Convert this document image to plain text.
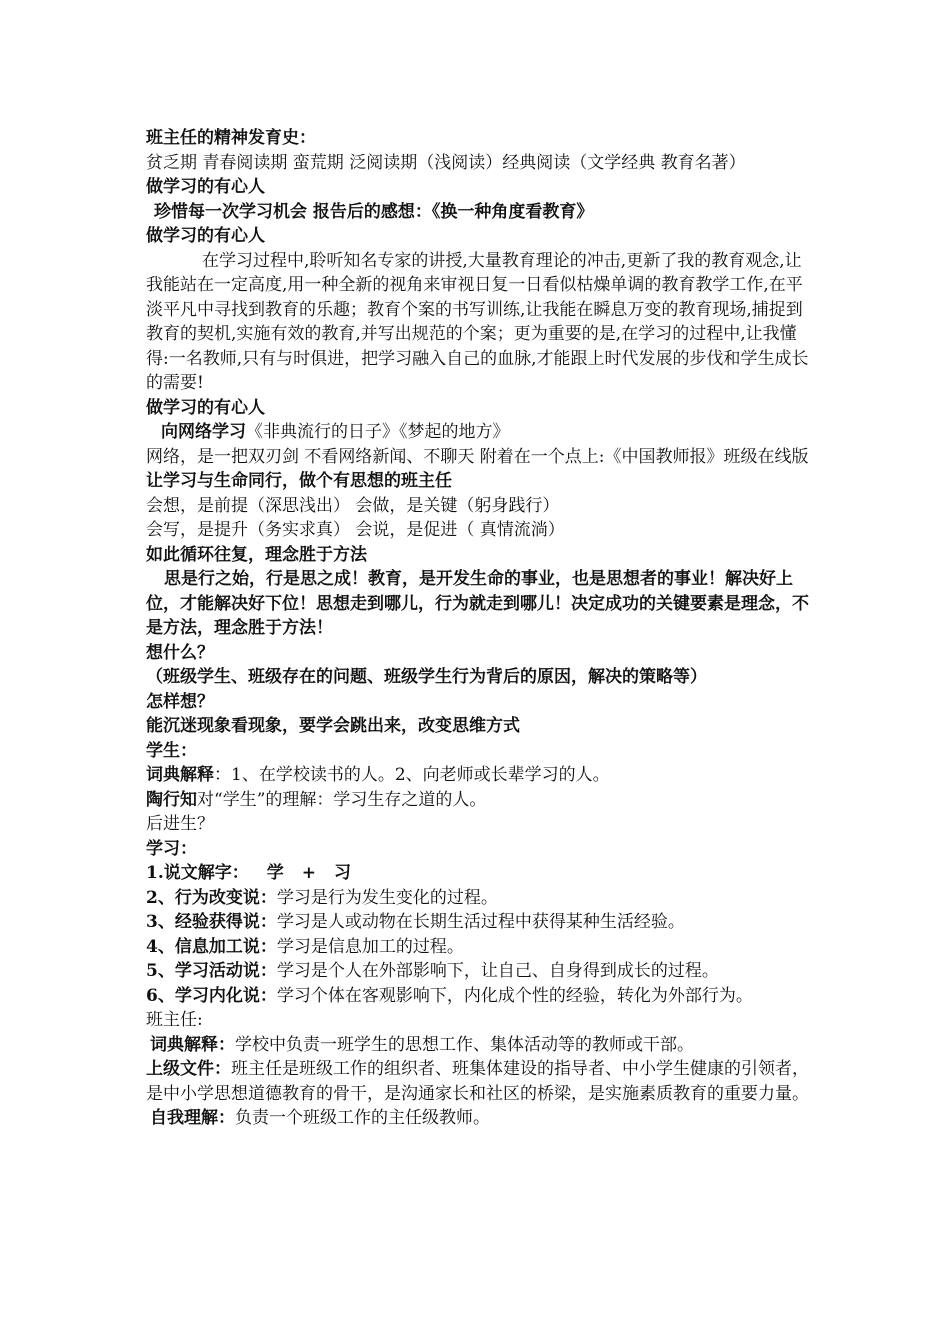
班主任的精神发育史：
贫乏期 青春阅读期 蛮荒期 泛阅读期（浅阅读）经典阅读（文学经典 教育名著）
做学习的有心人
珍惜每一次学习机会 报告后的感想：《换一种角度看教育》
做学习的有心人
在学习过程中,聆听知名专家的讲授,大量教育理论的冲击,更新了我的教育观念,让我能站在一定高度,用一种全新的视角来审视日复一日看似枯燥单调的教育教学工作,在平淡平凡中寻找到教育的乐趣；教育个案的书写训练,让我能在瞬息万变的教育现场,捕捉到教育的契机,实施有效的教育,并写出规范的个案；更为重要的是,在学习的过程中,让我懂得:一名教师,只有与时俱进，把学习融入自己的血脉,才能跟上时代发展的步伐和学生成长的需要!
做学习的有心人
向网络学习《非典流行的日子》《梦起的地方》
网络，是一把双刃剑 不看网络新闻、不聊天 附着在一个点上:《中国教师报》班级在线版
让学习与生命同行，做个有思想的班主任
会想，是前提（深思浅出） 会做，是关键（躬身践行）
会写，是提升（务实求真） 会说，是促进（ 真情流淌）
如此循环往复，理念胜于方法
思是行之始，行是思之成！教育，是开发生命的事业，也是思想者的事业！解决好上位，才能解决好下位！思想走到哪儿，行为就走到哪儿！决定成功的关键要素是理念，不是方法，理念胜于方法！
想什么？
（班级学生、班级存在的问题、班级学生行为背后的原因，解决的策略等）
怎样想？
能沉迷现象看现象，要学会跳出来，改变思维方式
学生：
词典解释：1、在学校读书的人。2、向老师或长辈学习的人。
陶行知对“学生”的理解：学习生存之道的人。
后进生？
学习：
1.说文解字： 学 + 习
2、行为改变说：学习是行为发生变化的过程。
3、经验获得说：学习是人或动物在长期生活过程中获得某种生活经验。
4、信息加工说：学习是信息加工的过程。
5、学习活动说：学习是个人在外部影响下，让自己、自身得到成长的过程。
6、学习内化说：学习个体在客观影响下，内化成个性的经验，转化为外部行为。
班主任:
词典解释：学校中负责一班学生的思想工作、集体活动等的教师或干部。
上级文件：班主任是班级工作的组织者、班集体建设的指导者、中小学生健康的引领者，是中小学思想道德教育的骨干，是沟通家长和社区的桥梁，是实施素质教育的重要力量。
自我理解：负责一个班级工作的主任级教师。
